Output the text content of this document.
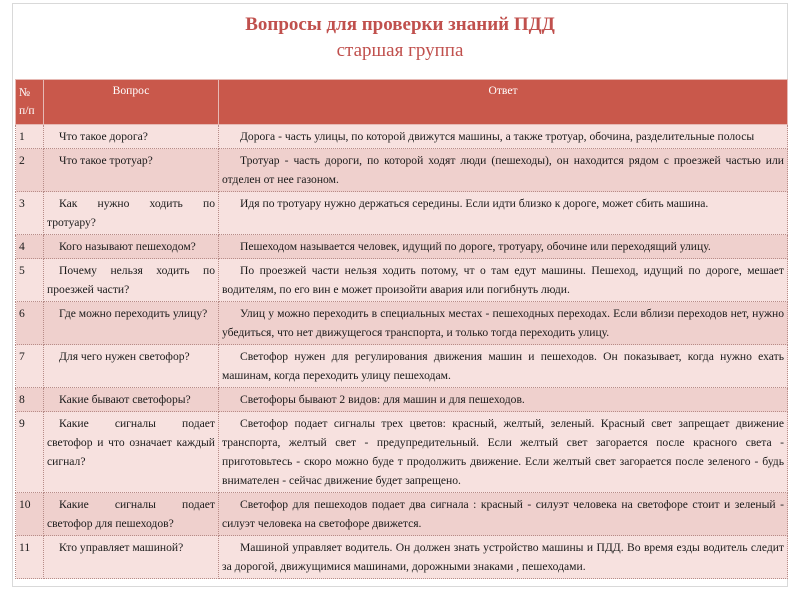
Вопросы для проверки знаний ПДД
старшая группа
№ п/п	Вопрос	Ответ
1	Что такое дорога?	Дорога - часть улицы, по которой движутся машины, а также тротуар, обочина, разделительные полосы
2	Что такое тротуар?	Тротуар - часть дороги, по которой ходят люди (пешеходы), он находится рядом с проезжей частью или отделен от нее газоном.
3	Как нужно ходить по тротуару?	Идя по тротуару нужно держаться середины. Если идти близко к дороге, может сбить машина.
4	Кого называют пешеходом?	Пешеходом называется человек, идущий по дороге, тротуару, обочине или переходящий улицу.
5	Почему нельзя ходить по проезжей части?	По проезжей части нельзя ходить потому, чт о там едут машины. Пешеход, идущий по дороге, мешает водителям, по его вин е может произойти авария или погибнуть люди.
6	Где можно переходить улицу?	Улиц у можно переходить в специальных местах - пешеходных переходах. Если вблизи переходов нет, нужно убедиться, что нет движущегося транспорта, и только тогда переходить улицу.
7	Для чего нужен светофор?	Светофор нужен для регулирования движения машин и пешеходов. Он показывает, когда нужно ехать машинам, когда переходить улицу пешеходам.
8	Какие бывают светофоры?	Светофоры бывают 2 видов: для машин и для пешеходов.
9	Какие сигналы подает светофор и что означает каждый сигнал?	Светофор подает сигналы трех цветов: красный, желтый, зеленый. Красный свет запрещает движение транспорта, желтый свет - предупредительный. Если желтый свет загорается после красного света - приготовьтесь - скоро можно буде т продолжить движение. Если желтый свет загорается после зеленого - будь внимателен - сейчас движение будет запрещено.
10	Какие сигналы подает светофор для пешеходов?	Светофор для пешеходов подает два сигнала : красный - силуэт человека на светофоре стоит и зеленый - силуэт человека на светофоре движется.
11	Кто управляет машиной?	Машиной управляет водитель. Он должен знать устройство машины и ПДД. Во время езды водитель следит за дорогой, движущимися машинами, дорожными знаками , пешеходами.
